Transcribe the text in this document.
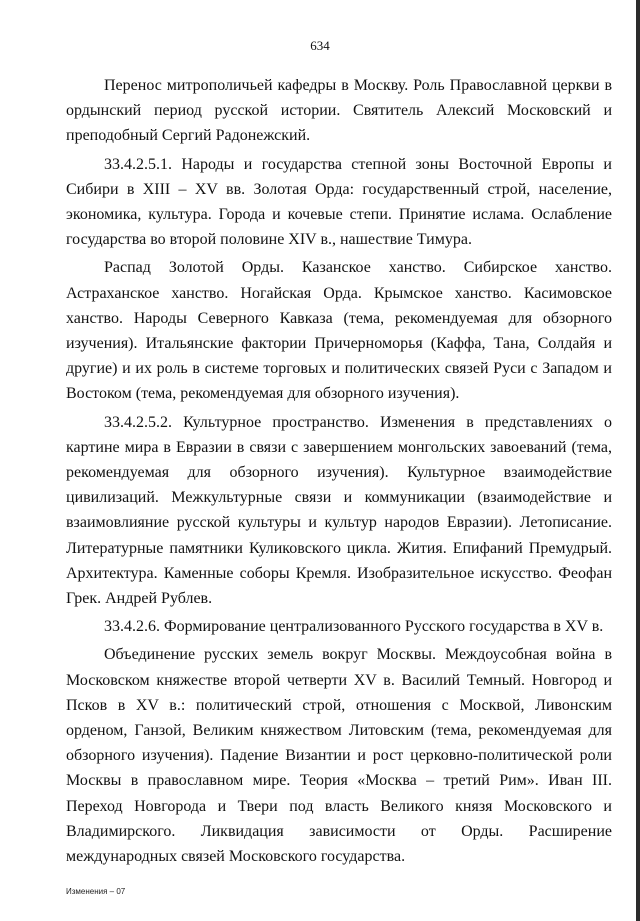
634

Перенос митрополичьей кафедры в Москву. Роль Православной церкви в ордынский период русской истории. Святитель Алексий Московский и преподобный Сергий Радонежский.

33.4.2.5.1. Народы и государства степной зоны Восточной Европы и Сибири в XIII – XV вв. Золотая Орда: государственный строй, население, экономика, культура. Города и кочевые степи. Принятие ислама. Ослабление государства во второй половине XIV в., нашествие Тимура.

Распад Золотой Орды. Казанское ханство. Сибирское ханство. Астраханское ханство. Ногайская Орда. Крымское ханство. Касимовское ханство. Народы Северного Кавказа (тема, рекомендуемая для обзорного изучения). Итальянские фактории Причерноморья (Каффа, Тана, Солдайя и другие) и их роль в системе торговых и политических связей Руси с Западом и Востоком (тема, рекомендуемая для обзорного изучения).

33.4.2.5.2. Культурное пространство. Изменения в представлениях о картине мира в Евразии в связи с завершением монгольских завоеваний (тема, рекомендуемая для обзорного изучения). Культурное взаимодействие цивилизаций. Межкультурные связи и коммуникации (взаимодействие и взаимовлияние русской культуры и культур народов Евразии). Летописание. Литературные памятники Куликовского цикла. Жития. Епифаний Премудрый. Архитектура. Каменные соборы Кремля. Изобразительное искусство. Феофан Грек. Андрей Рублев.

33.4.2.6. Формирование централизованного Русского государства в XV в.

Объединение русских земель вокруг Москвы. Междоусобная война в Московском княжестве второй четверти XV в. Василий Темный. Новгород и Псков в XV в.: политический строй, отношения с Москвой, Ливонским орденом, Ганзой, Великим княжеством Литовским (тема, рекомендуемая для обзорного изучения). Падение Византии и рост церковно-политической роли Москвы в православном мире. Теория «Москва – третий Рим». Иван III. Переход Новгорода и Твери под власть Великого князя Московского и Владимирского. Ликвидация зависимости от Орды. Расширение международных связей Московского государства.

Изменения – 07
